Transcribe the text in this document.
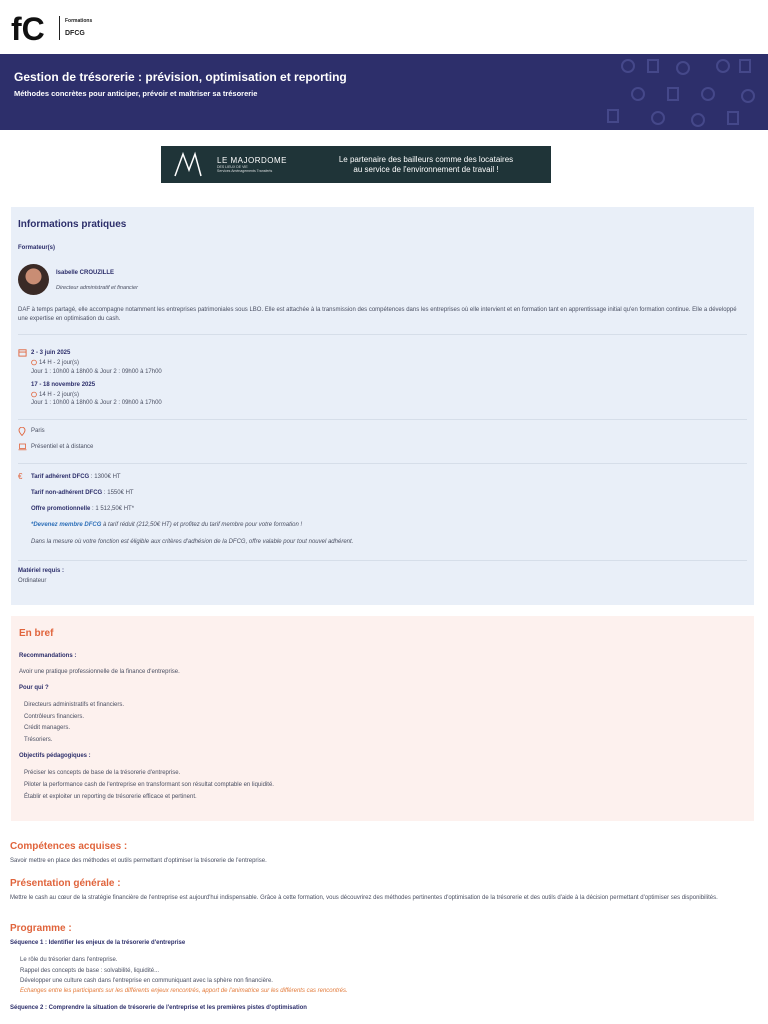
fC	Formations
DFCG
Gestion de trésorerie : prévision, optimisation et reporting
Méthodes concrètes pour anticiper, prévoir et maîtriser sa trésorerie
LE MAJORDOME
DES LIEUX DE VIE
Services Aménagements Transferts
Le partenaire des bailleurs comme des locataires
au service de l'environnement de travail !
Informations pratiques
Formateur(s)
Isabelle CROUZILLE
Directeur administratif et financier
DAF à temps partagé, elle accompagne notamment les entreprises patrimoniales sous LBO. Elle est attachée à la transmission des compétences dans les entreprises où elle intervient et en formation tant en apprentissage initial qu'en formation continue. Elle a développé une expertise en optimisation du cash.
2 - 3 juin 2025
14 H - 2 jour(s)
Jour 1 : 10h00 à 18h00 & Jour 2 : 09h00 à 17h00
17 - 18 novembre 2025
14 H - 2 jour(s)
Jour 1 : 10h00 à 18h00 & Jour 2 : 09h00 à 17h00
Paris
Présentiel et à distance
€	Tarif adhérent DFCG : 1300€ HT
Tarif non-adhérent DFCG : 1550€ HT
Offre promotionnelle : 1 512,50€ HT*
*Devenez membre DFCG à tarif réduit (212,50€ HT) et profitez du tarif membre pour votre formation !
Dans la mesure où votre fonction est éligible aux critères d'adhésion de la DFCG, offre valable pour tout nouvel adhérent.
Matériel requis :
Ordinateur
En bref
Recommandations :
Avoir une pratique professionnelle de la finance d'entreprise.
Pour qui ?
Directeurs administratifs et financiers.
Contrôleurs financiers.
Crédit managers.
Trésoriers.
Objectifs pédagogiques :
Préciser les concepts de base de la trésorerie d'entreprise.
Piloter la performance cash de l'entreprise en transformant son résultat comptable en liquidité.
Établir et exploiter un reporting de trésorerie efficace et pertinent.
Compétences acquises :
Savoir mettre en place des méthodes et outils permettant d'optimiser la trésorerie de l'entreprise.
Présentation générale :
Mettre le cash au cœur de la stratégie financière de l'entreprise est aujourd'hui indispensable. Grâce à cette formation, vous découvrirez des méthodes pertinentes d'optimisation de la trésorerie et des outils d'aide à la décision permettant d'optimiser ses disponibilités.
Programme :
Séquence 1 : Identifier les enjeux de la trésorerie d'entreprise
Le rôle du trésorier dans l'entreprise.
Rappel des concepts de base : solvabilité, liquidité...
Développer une culture cash dans l'entreprise en communiquant avec la sphère non financière.
Echanges entre les participants sur les différents enjeux rencontrés, apport de l'animatrice sur les différents cas rencontrés.
Séquence 2 : Comprendre la situation de trésorerie de l'entreprise et les premières pistes d'optimisation
